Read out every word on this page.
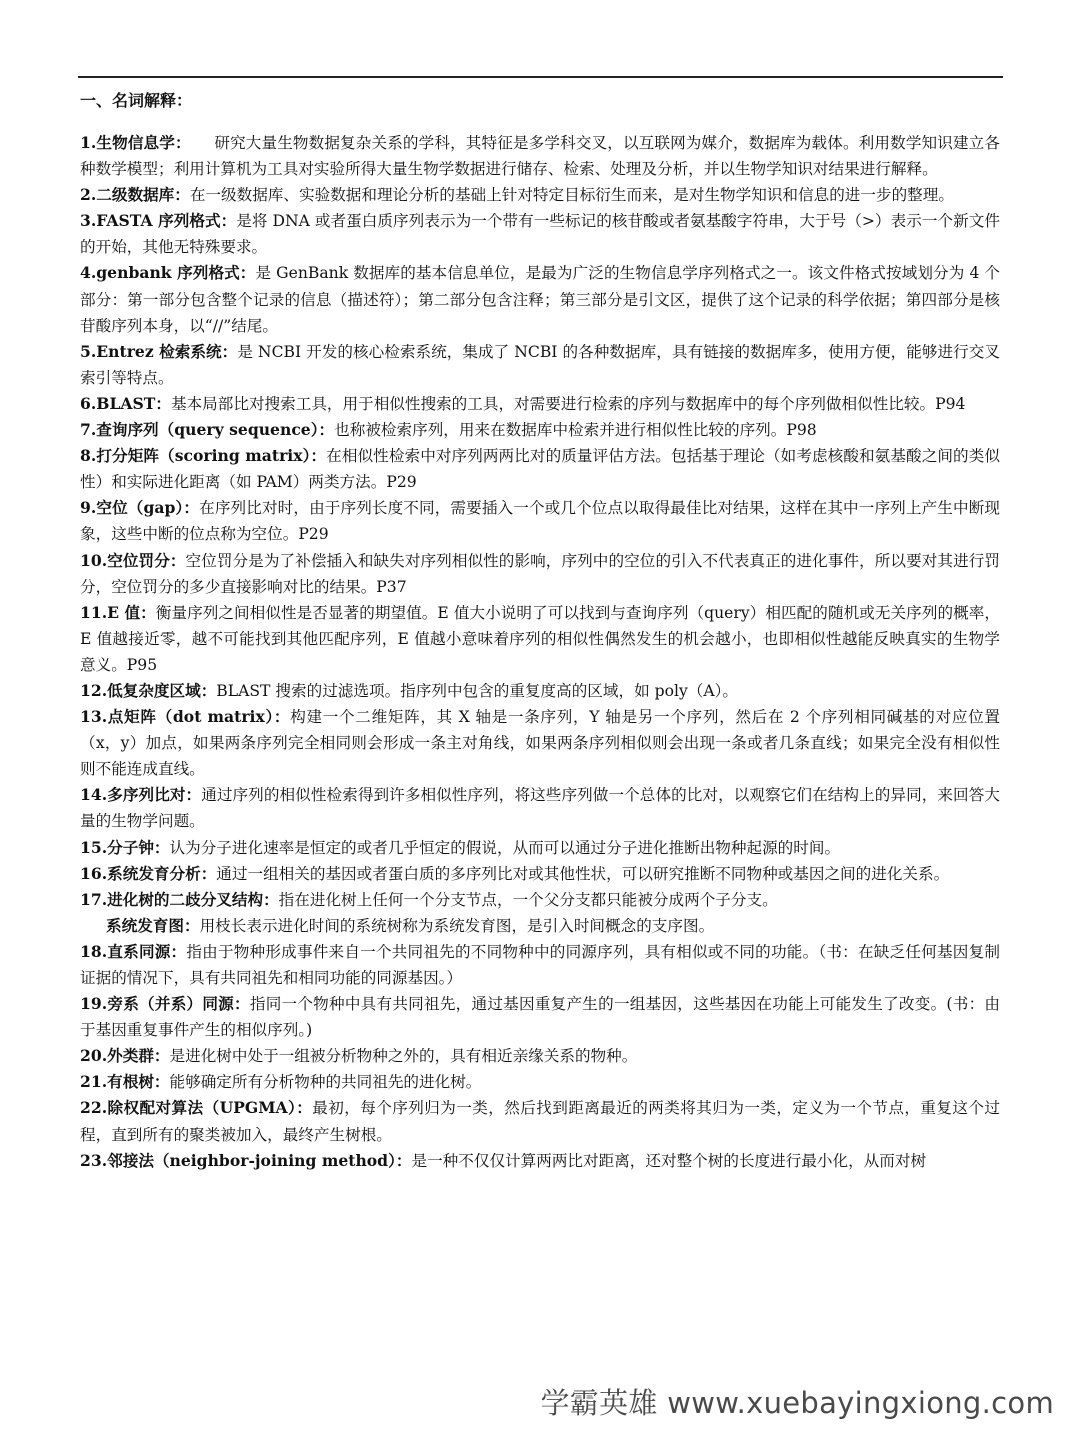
一、名词解释：

1.生物信息学：　　研究大量生物数据复杂关系的学科，其特征是多学科交叉，以互联网为媒介，数据库为载体。利用数学知识建立各种数学模型；利用计算机为工具对实验所得大量生物学数据进行储存、检索、处理及分析，并以生物学知识对结果进行解释。

2.二级数据库：在一级数据库、实验数据和理论分析的基础上针对特定目标衍生而来，是对生物学知识和信息的进一步的整理。

3.FASTA 序列格式：是将 DNA 或者蛋白质序列表示为一个带有一些标记的核苷酸或者氨基酸字符串，大于号（>）表示一个新文件的开始，其他无特殊要求。

4.genbank 序列格式：是 GenBank 数据库的基本信息单位，是最为广泛的生物信息学序列格式之一。该文件格式按域划分为 4 个部分：第一部分包含整个记录的信息（描述符）；第二部分包含注释；第三部分是引文区，提供了这个记录的科学依据；第四部分是核苷酸序列本身，以“//”结尾。

5.Entrez 检索系统：是 NCBI 开发的核心检索系统，集成了 NCBI 的各种数据库，具有链接的数据库多，使用方便，能够进行交叉索引等特点。

6.BLAST：基本局部比对搜索工具，用于相似性搜索的工具，对需要进行检索的序列与数据库中的每个序列做相似性比较。P94

7.查询序列（query sequence）：也称被检索序列，用来在数据库中检索并进行相似性比较的序列。P98

8.打分矩阵（scoring matrix）：在相似性检索中对序列两两比对的质量评估方法。包括基于理论（如考虑核酸和氨基酸之间的类似性）和实际进化距离（如 PAM）两类方法。P29

9.空位（gap）：在序列比对时，由于序列长度不同，需要插入一个或几个位点以取得最佳比对结果，这样在其中一序列上产生中断现象，这些中断的位点称为空位。P29

10.空位罚分：空位罚分是为了补偿插入和缺失对序列相似性的影响，序列中的空位的引入不代表真正的进化事件，所以要对其进行罚分，空位罚分的多少直接影响对比的结果。P37

11.E 值：衡量序列之间相似性是否显著的期望值。E 值大小说明了可以找到与查询序列（query）相匹配的随机或无关序列的概率，E 值越接近零，越不可能找到其他匹配序列，E 值越小意味着序列的相似性偶然发生的机会越小，也即相似性越能反映真实的生物学意义。P95

12.低复杂度区域：BLAST 搜索的过滤选项。指序列中包含的重复度高的区域，如 poly（A）。

13.点矩阵（dot matrix）：构建一个二维矩阵，其 X 轴是一条序列，Y 轴是另一个序列，然后在 2 个序列相同碱基的对应位置（x，y）加点，如果两条序列完全相同则会形成一条主对角线，如果两条序列相似则会出现一条或者几条直线；如果完全没有相似性则不能连成直线。

14.多序列比对：通过序列的相似性检索得到许多相似性序列，将这些序列做一个总体的比对，以观察它们在结构上的异同，来回答大量的生物学问题。

15.分子钟：认为分子进化速率是恒定的或者几乎恒定的假说，从而可以通过分子进化推断出物种起源的时间。

16.系统发育分析：通过一组相关的基因或者蛋白质的多序列比对或其他性状，可以研究推断不同物种或基因之间的进化关系。

17.进化树的二歧分叉结构：指在进化树上任何一个分支节点，一个父分支都只能被分成两个子分支。

系统发育图：用枝长表示进化时间的系统树称为系统发育图，是引入时间概念的支序图。

18.直系同源：指由于物种形成事件来自一个共同祖先的不同物种中的同源序列，具有相似或不同的功能。（书：在缺乏任何基因复制证据的情况下，具有共同祖先和相同功能的同源基因。）

19.旁系（并系）同源：指同一个物种中具有共同祖先，通过基因重复产生的一组基因，这些基因在功能上可能发生了改变。(书：由于基因重复事件产生的相似序列。)

20.外类群：是进化树中处于一组被分析物种之外的，具有相近亲缘关系的物种。

21.有根树：能够确定所有分析物种的共同祖先的进化树。

22.除权配对算法（UPGMA）：最初，每个序列归为一类，然后找到距离最近的两类将其归为一类，定义为一个节点，重复这个过程，直到所有的聚类被加入，最终产生树根。

23.邻接法（neighbor-joining method）：是一种不仅仅计算两两比对距离，还对整个树的长度进行最小化，从而对树

学霸英雄 www.xuebayingxiong.com
